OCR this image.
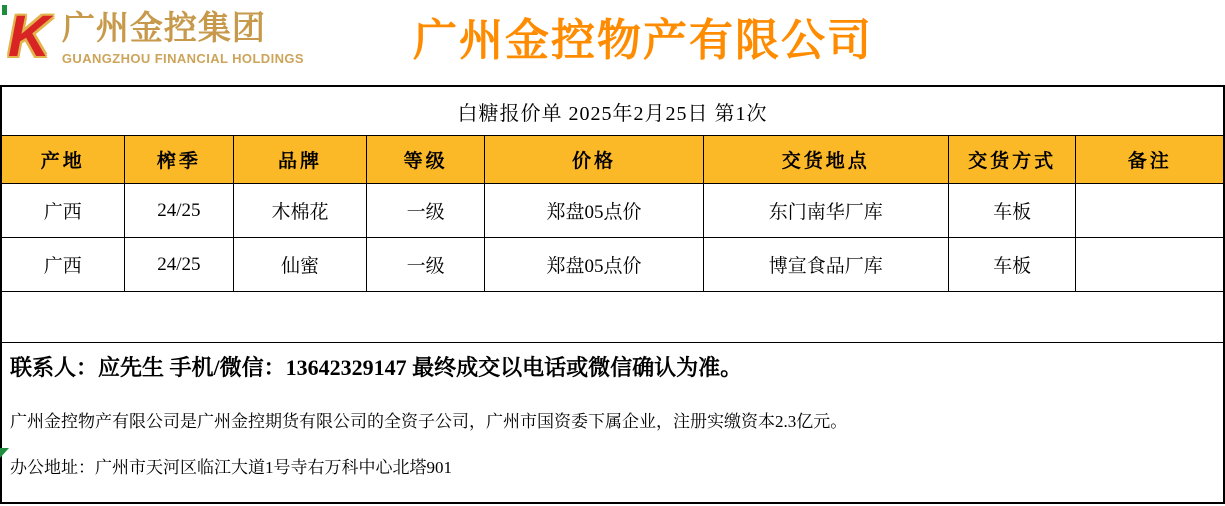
K 广州金控集团
GUANGZHOU FINANCIAL HOLDINGS 广州金控物产有限公司
白糖报价单 2025年2月25日 第1次
产地	榨季	品牌	等级	价格	交货地点	交货方式	备注
广西	24/25	木棉花	一级	郑盘05点价	东门南华厂库	车板
广西	24/25	仙蜜	一级	郑盘05点价	博宣食品厂库	车板

联系人：应先生 手机/微信：13642329147 最终成交以电话或微信确认为准。

广州金控物产有限公司是广州金控期货有限公司的全资子公司，广州市国资委下属企业，注册实缴资本2.3亿元。

办公地址：广州市天河区临江大道1号寺右万科中心北塔901
